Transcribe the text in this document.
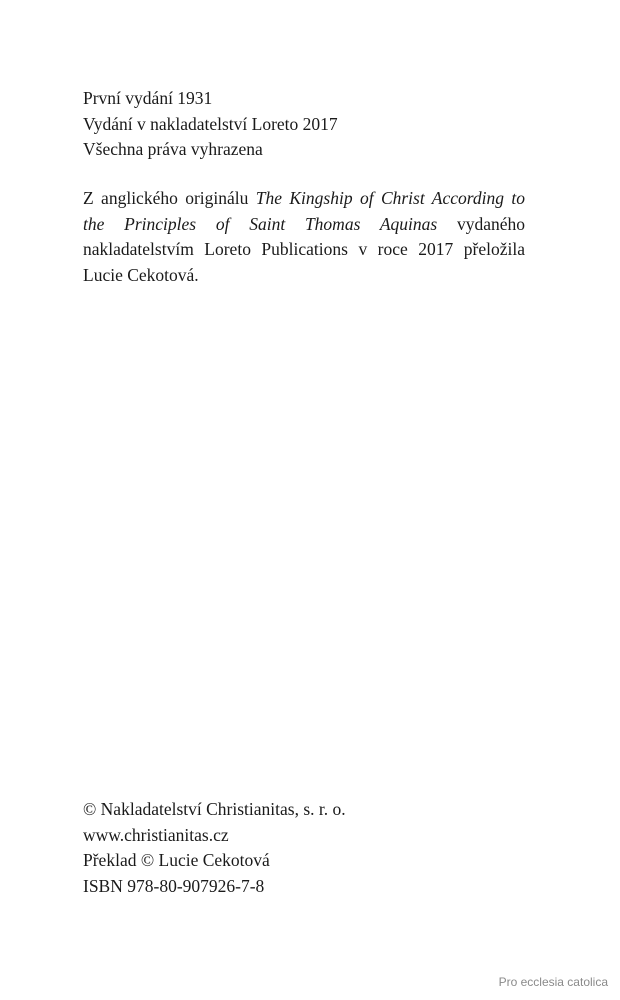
První vydání 1931

Vydání v nakladatelství Loreto 2017

Všechna práva vyhrazena

Z anglického originálu The Kingship of Christ According to the Principles of Saint Thomas Aquinas vydaného nakladatelstvím Loreto Publications v roce 2017 přeložila Lucie Cekotová.

© Nakladatelství Christianitas, s. r. o.

www.christianitas.cz

Překlad © Lucie Cekotová

ISBN 978-80-907926-7-8

Pro ecclesia catolica
